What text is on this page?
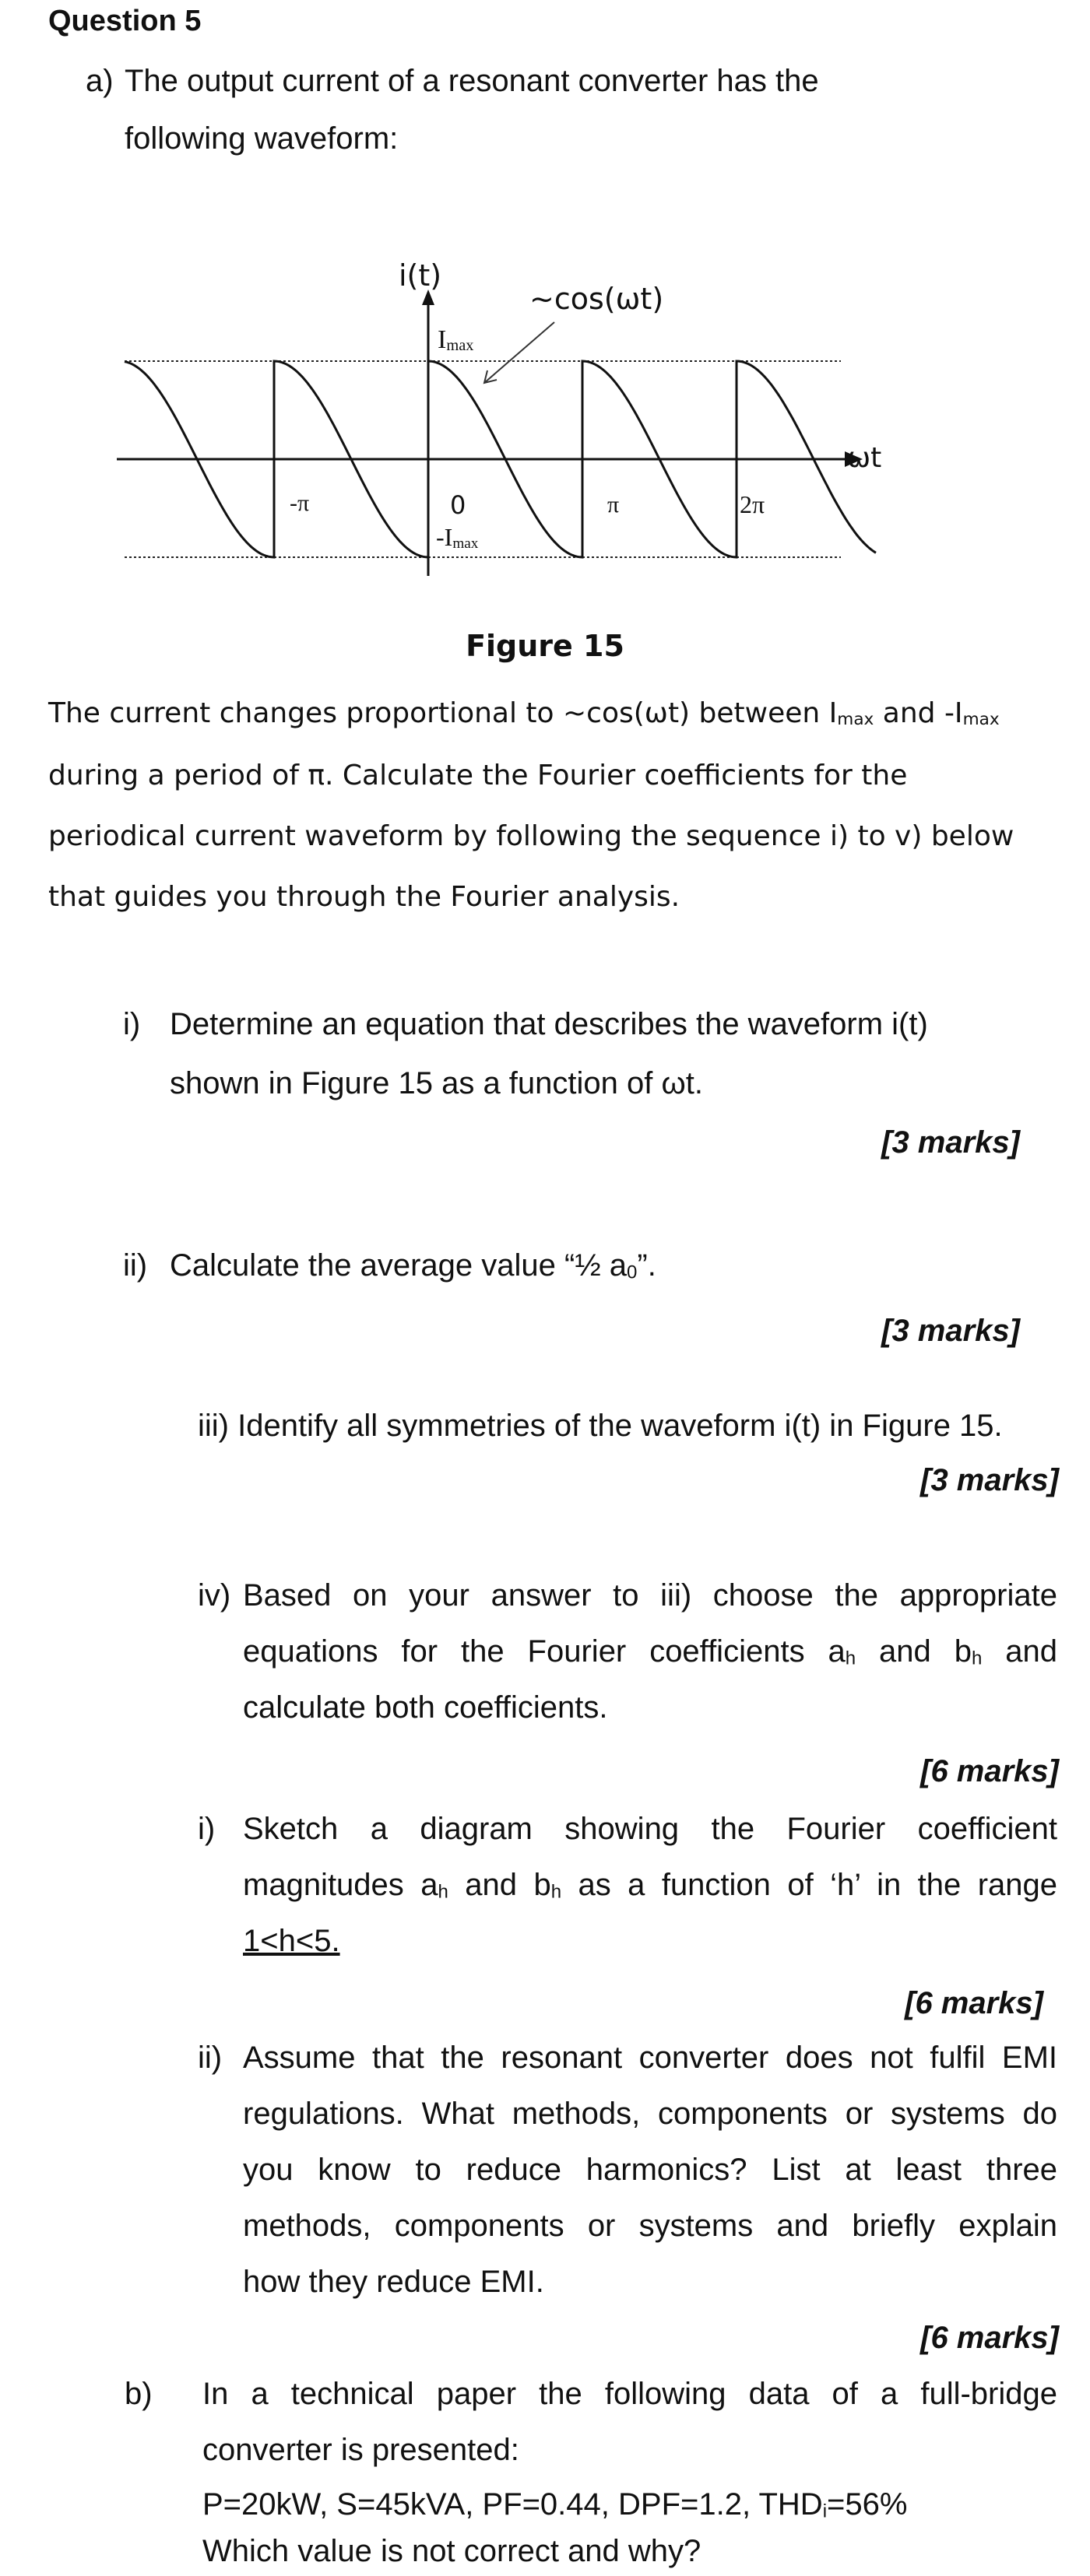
Question 5
a) The output current of a resonant converter has the
following waveform:
i(t)
~cos(ωt)
$I_{max}$
ωt
-π	0	π	2π
$-I_{max}$
Figure 15
The current changes proportional to ~cos(ωt) between $I_{max}$ and $-I_{max}$
during a period of π. Calculate the Fourier coefficients for the
periodical current waveform by following the sequence i) to v) below
that guides you through the Fourier analysis.
i) Determine an equation that describes the waveform i(t)
shown in Figure 15 as a function of ωt.
[3 marks]
ii) Calculate the average value “½ $a_0$”.
[3 marks]
iii) Identify all symmetries of the waveform i(t) in Figure 15.
[3 marks]
iv) Based on your answer to iii) choose the appropriate
equations for the Fourier coefficients $a_h$ and $b_h$ and
calculate both coefficients.
[6 marks]
i) Sketch a diagram showing the Fourier coefficient
magnitudes $a_h$ and $b_h$ as a function of ‘h’ in the range
1<h<5.
[6 marks]
ii) Assume that the resonant converter does not fulfil EMI
regulations. What methods, components or systems do
you know to reduce harmonics? List at least three
methods, components or systems and briefly explain
how they reduce EMI.
[6 marks]
b) In a technical paper the following data of a full-bridge
converter is presented:
P=20kW, S=45kVA, PF=0.44, DPF=1.2, $THD_i=56\%$
Which value is not correct and why?
